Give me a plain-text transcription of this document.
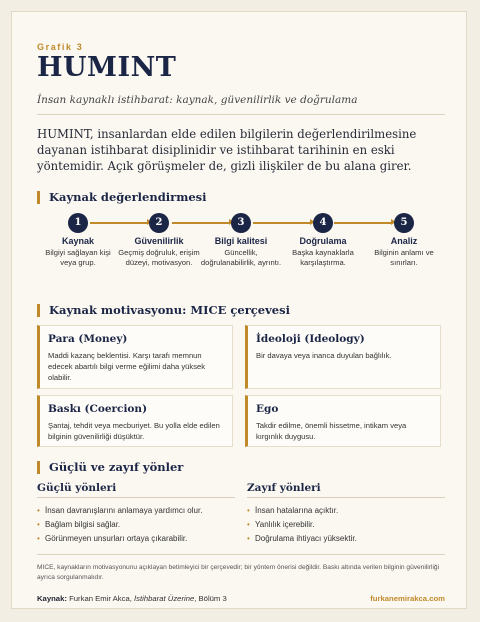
Grafik 3
HUMINT
İnsan kaynaklı istihbarat: kaynak, güvenilirlik ve doğrulama
HUMINT, insanlardan elde edilen bilgilerin değerlendirilmesine dayanan istihbarat disiplinidir ve istihbarat tarihinin en eski yöntemidir. Açık görüşmeler de, gizli ilişkiler de bu alana girer.
Kaynak değerlendirmesi
1
Kaynak
Bilgiyi sağlayan kişi veya grup.
2
Güvenilirlik
Geçmiş doğruluk, erişim düzeyi, motivasyon.
3
Bilgi kalitesi
Güncellik, doğrulanabilirlik, ayrıntı.
4
Doğrulama
Başka kaynaklarla karşılaştırma.
5
Analiz
Bilginin anlamı ve sınırları.
Kaynak motivasyonu: MICE çerçevesi
Para (Money)
Maddi kazanç beklentisi. Karşı tarafı memnun edecek abartılı bilgi verme eğilimi daha yüksek olabilir.
İdeoloji (Ideology)
Bir davaya veya inanca duyulan bağlılık.
Baskı (Coercion)
Şantaj, tehdit veya mecburiyet. Bu yolla elde edilen bilginin güvenilirliği düşüktür.
Ego
Takdir edilme, önemli hissetme, intikam veya kırgınlık duygusu.
Güçlü ve zayıf yönler
Güçlü yönleri
• İnsan davranışlarını anlamaya yardımcı olur.
• Bağlam bilgisi sağlar.
• Görünmeyen unsurları ortaya çıkarabilir.
Zayıf yönleri
• İnsan hatalarına açıktır.
• Yanlılık içerebilir.
• Doğrulama ihtiyacı yüksektir.
MICE, kaynakların motivasyonunu açıklayan betimleyici bir çerçevedir; bir yöntem önerisi değildir. Baskı altında verilen bilginin güvenilirliği ayrıca sorgulanmalıdır.
Kaynak: Furkan Emir Akca, İstihbarat Üzerine, Bölüm 3	furkanemirakca.com
